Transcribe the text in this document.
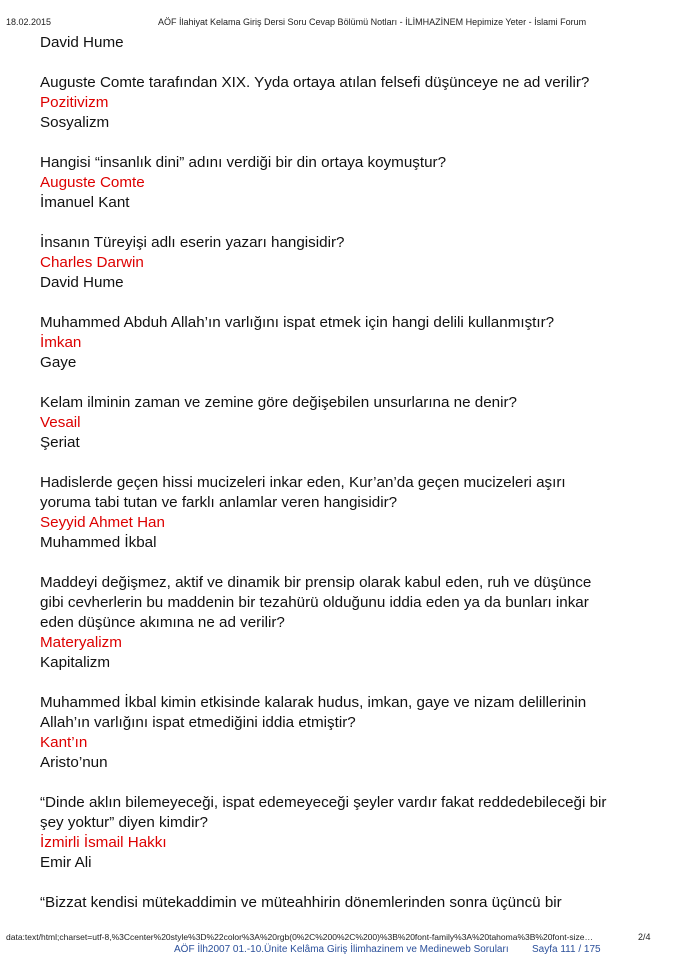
18.02.2015	AÖF İlahiyat Kelama Giriş Dersi Soru Cevap Bölümü Notları - İLİMHAZİNEM Hepimize Yeter - İslami Forum
David Hume
Auguste Comte tarafından XIX. Yyda ortaya atılan felsefi düşünceye ne ad verilir?
Pozitivizm
Sosyalizm
Hangisi “insanlık dini” adını verdiği bir din ortaya koymuştur?
Auguste Comte
İmanuel Kant
İnsanın Türeyişi adlı eserin yazarı hangisidir?
Charles Darwin
David Hume
Muhammed Abduh Allah’ın varlığını ispat etmek için hangi delili kullanmıştır?
İmkan
Gaye
Kelam ilminin zaman ve zemine göre değişebilen unsurlarına ne denir?
Vesail
Şeriat
Hadislerde geçen hissi mucizeleri inkar eden, Kur’an’da geçen mucizeleri aşırı
yoruma tabi tutan ve farklı anlamlar veren hangisidir?
Seyyid Ahmet Han
Muhammed İkbal
Maddeyi değişmez, aktif ve dinamik bir prensip olarak kabul eden, ruh ve düşünce
gibi cevherlerin bu maddenin bir tezahürü olduğunu iddia eden ya da bunları inkar
eden düşünce akımına ne ad verilir?
Materyalizm
Kapitalizm
Muhammed İkbal kimin etkisinde kalarak hudus, imkan, gaye ve nizam delillerinin
Allah’ın varlığını ispat etmediğini iddia etmiştir?
Kant’ın
Aristo’nun
“Dinde aklın bilemeyeceği, ispat edemeyeceği şeyler vardır fakat reddedebileceği bir
şey yoktur” diyen kimdir?
İzmirli İsmail Hakkı
Emir Ali
“Bizzat kendisi mütekaddimin ve müteahhirin dönemlerinden sonra üçüncü bir
data:text/html;charset=utf-8,%3Ccenter%20style%3D%22color%3A%20rgb(0%2C%200%2C%200)%3B%20font-family%3A%20tahoma%3B%20font-size…	2/4
AÖF İlh2007 01.-10.Ünite Kelâma Giriş İlimhazinem ve Medineweb Soruları Sayfa 111 / 175
